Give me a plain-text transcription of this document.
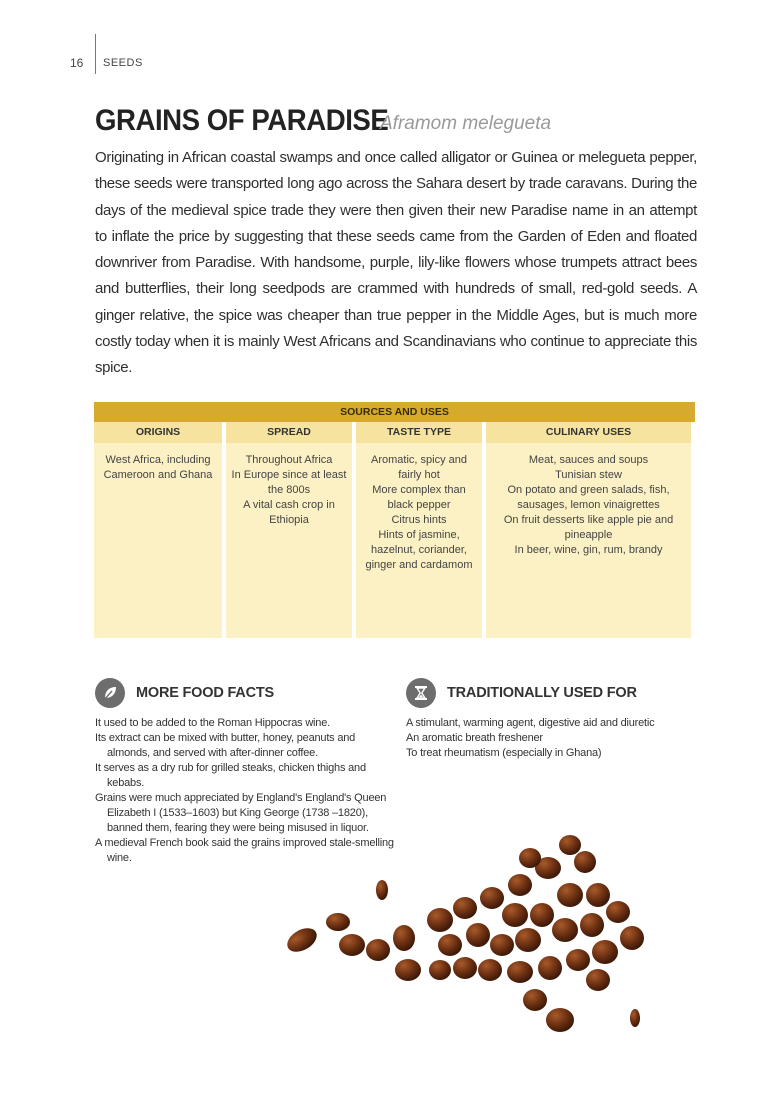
16 SEEDS
GRAINS OF PARADISE
Aframom melegueta

Originating in African coastal swamps and once called alligator or Guinea or melegueta pepper, these seeds were transported long ago across the Sahara desert by trade caravans. During the days of the medieval spice trade they were then given their new Paradise name in an attempt to inflate the price by suggesting that these seeds came from the Garden of Eden and floated downriver from Paradise. With handsome, purple, lily-like flowers whose trumpets attract bees and butterflies, their long seedpods are crammed with hundreds of small, red-gold seeds. A ginger relative, the spice was cheaper than true pepper in the Middle Ages, but is much more costly today when it is mainly West Africans and Scandinavians who continue to appreciate this spice.

SOURCES AND USES
ORIGINS
West Africa, including Cameroon and Ghana
SPREAD
Throughout Africa
In Europe since at least the 800s
A vital cash crop in Ethiopia
TASTE TYPE
Aromatic, spicy and fairly hot
More complex than black pepper
Citrus hints
Hints of jasmine, hazelnut, coriander, ginger and cardamom
CULINARY USES
Meat, sauces and soups
Tunisian stew
On potato and green salads, fish, sausages, lemon vinaigrettes
On fruit desserts like apple pie and pineapple
In beer, wine, gin, rum, brandy
MORE FOOD FACTS
It used to be added to the Roman Hippocras wine.
Its extract can be mixed with butter, honey, peanuts and almonds, and served with after-dinner coffee.
It serves as a dry rub for grilled steaks, chicken thighs and kebabs.
Grains were much appreciated by England's England's Queen Elizabeth I (1533–1603) but King George (1738 –1820), banned them, fearing they were being misused in liquor.
A medieval French book said the grains improved stale-smelling wine.
TRADITIONALLY USED FOR
A stimulant, warming agent, digestive aid and diuretic
An aromatic breath freshener
To treat rheumatism (especially in Ghana)
